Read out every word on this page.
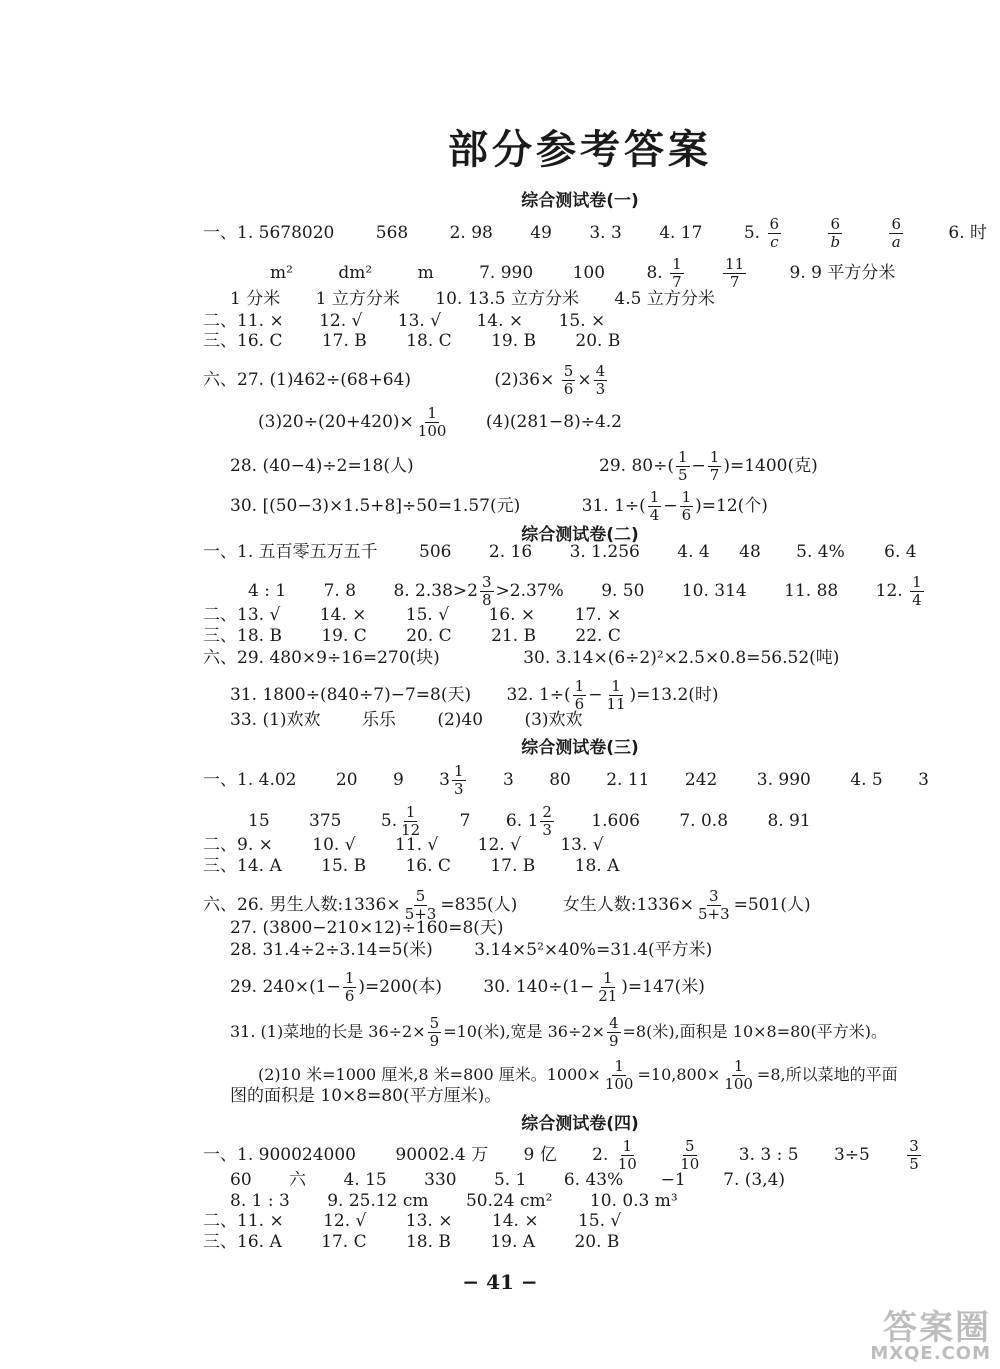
部分参考答案
综合测试卷(一)
一、1. 5678020 568 2. 98 49 3. 3 4. 17 5. $\frac{6}{c}$
	$\frac{6}{b}$
	$\frac{6}{a}$	6. 时
m²	dm²	m	7. 990 100 8. $\frac{1}{7}$
	$\frac{11}{7}$	9. 9 平方分米
1 分米 1 立方分米 10. 13.5 立方分米 4.5 立方分米
二、11. × 12. √ 13. √ 14. × 15. ×
三、16. C 17. B 18. C 19. B 20. B
六、27. (1)462÷(68+64)	$(2)36\times \frac{5}{6} \times \frac{4}{3}$
$(3)20\div(20+420)\times \frac{1}{100} (4)(281-8)\div 4.2$
28. (40−4)÷2=18(人)	29. $80\div( \frac{1}{5} - \frac{1}{7} )=1400$(克)
30. [(50−3)×1.5+8]÷50=1.57(元)	31. $1\div( \frac{1}{4} - \frac{1}{6} )=12$(个)
综合测试卷(二)
一、1. 五百零五万五千 506 2. 16 3. 1.256 4. 4 48 5. 4% 6. 4
4 : 1 7. 8 8. $2.38>2 \frac{3}{8} >2.37\%$ 9. 50 10. 314 11. 88 12. $\frac{1}{4}$
二、13. √ 14. × 15. √ 16. × 17. ×
三、18. B 19. C 20. C 21. B 22. C
六、29. 480×9÷16=270(块)	30. 3.14×(6÷2)²×2.5×0.8=56.52(吨)
31. 1800÷(840÷7)−7=8(天) 32. $1\div( \frac{1}{6} - \frac{1}{11} )=13.2$(时)
33. (1)欢欢 乐乐 (2)40 (3)欢欢
综合测试卷(三)
一、1. 4.02 20 9 $3 \frac{1}{3} 3$ 80 2. 11 242 3. 990 4. 5 3
15 375 5. $\frac{1}{12} 7$ 6. $1 \frac{2}{3} 1.606$ 7. 0.8 8. 91
二、9. × 10. √ 11. √ 12. √ 13. √
三、14. A 15. B 16. C 17. B 18. A
六、26. 男生人数:1336× $\frac{5}{5+3} =835$(人)	女生人数:1336× $\frac{3}{5+3} =501$(人)
27. (3800−210×12)÷160=8(天)
28. 31.4÷2÷3.14=5(米) 3.14×5²×40%=31.4(平方米)
29. $240\times(1- \frac{1}{6} )=200$(本) 30. $140\div(1- \frac{1}{21} )=147$(米)
31. (1)菜地的长是 $36\div 2\times \frac{5}{9} =10$(米),宽是 $36\div 2\times \frac{4}{9} =8$(米),面积是 10×8=80(平方米)。
(2)10 米=1000 厘米,8 米=800 厘米。$1000\times \frac{1}{100} =10,800\times \frac{1}{100} =8$,所以菜地的平面
图的面积是 10×8=80(平方厘米)。
综合测试卷(四)
一、1. 900024000 90002.4 万 9 亿 2. $\frac{1}{10}$
	$\frac{5}{10} 3$. 3 : 5 $3\div 5 \frac{3}{5}$
60 六 4. 15 330 5. 1 6. 43% −1 7. (3,4)
8. 1 : 3 9. 25.12 cm 50.24 cm² 10. 0.3 m³
二、11. × 12. √ 13. × 14. × 15. √
三、16. A 17. C 18. B 19. A 20. B
− 41 −
答案圈
MXQE.COM
